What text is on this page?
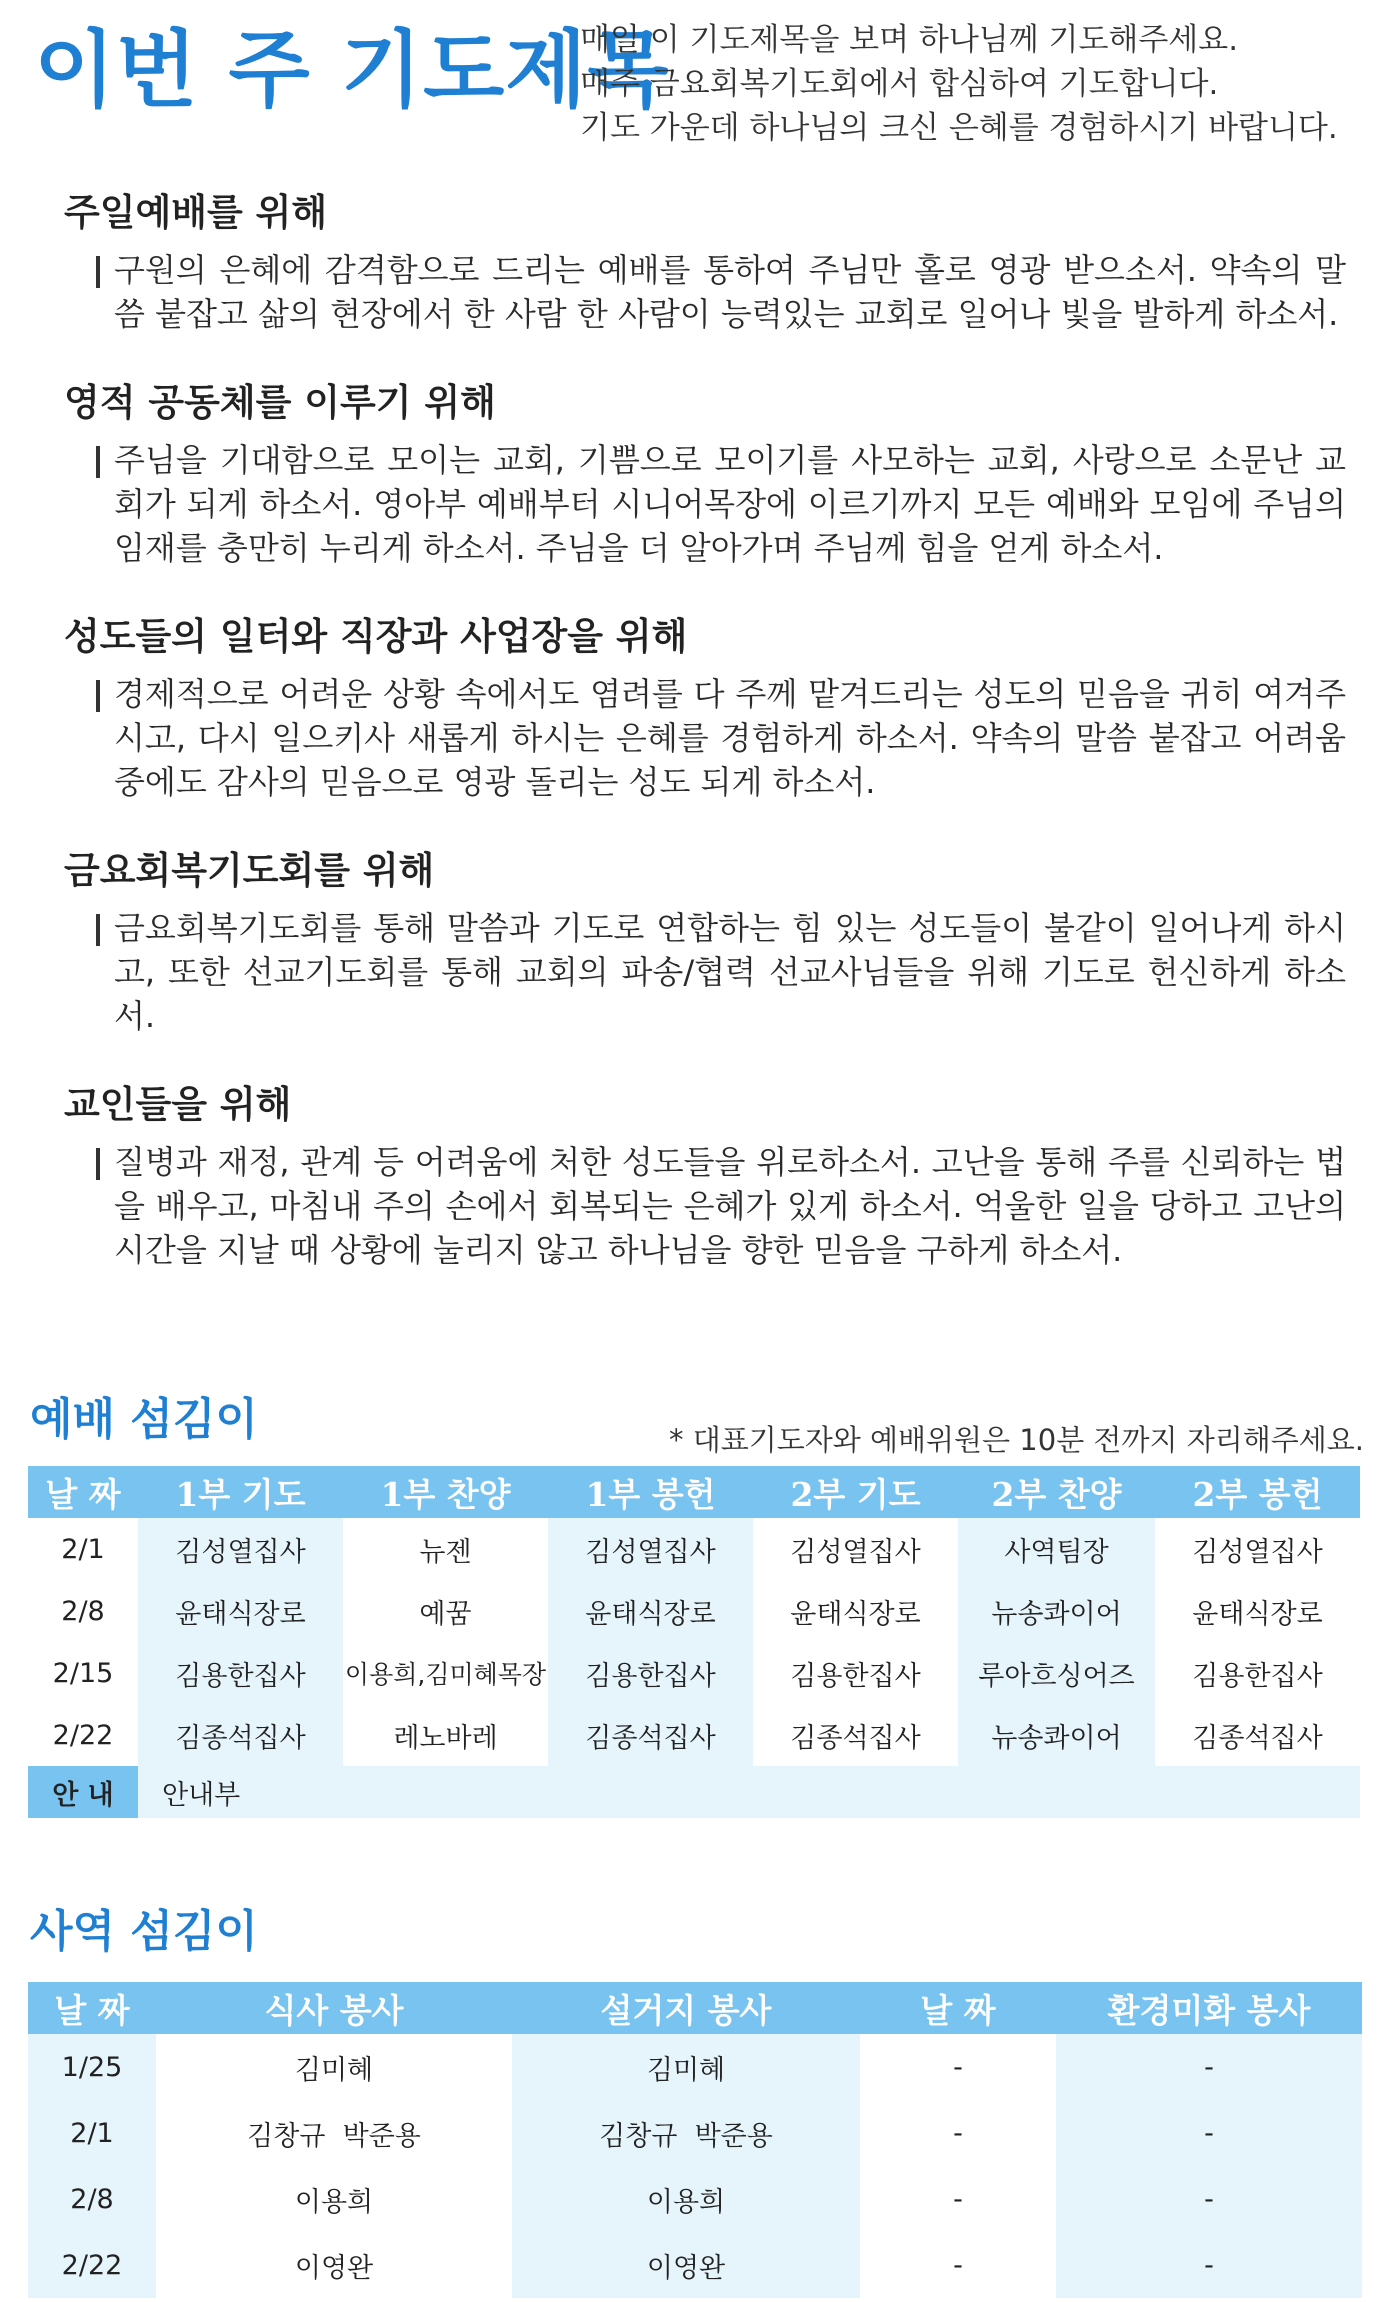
이번 주 기도제목
매일 이 기도제목을 보며 하나님께 기도해주세요.
매주 금요회복기도회에서 합심하여 기도합니다.
기도 가운데 하나님의 크신 은혜를 경험하시기 바랍니다.
주일예배를 위해

구원의 은혜에 감격함으로 드리는 예배를 통하여 주님만 홀로 영광 받으소서. 약속의 말씀 붙잡고 삶의 현장에서 한 사람 한 사람이 능력있는 교회로 일어나 빛을 발하게 하소서.

영적 공동체를 이루기 위해

주님을 기대함으로 모이는 교회, 기쁨으로 모이기를 사모하는 교회, 사랑으로 소문난 교회가 되게 하소서. 영아부 예배부터 시니어목장에 이르기까지 모든 예배와 모임에 주님의 임재를 충만히 누리게 하소서. 주님을 더 알아가며 주님께 힘을 얻게 하소서.

성도들의 일터와 직장과 사업장을 위해

경제적으로 어려운 상황 속에서도 염려를 다 주께 맡겨드리는 성도의 믿음을 귀히 여겨주시고, 다시 일으키사 새롭게 하시는 은혜를 경험하게 하소서. 약속의 말씀 붙잡고 어려움 중에도 감사의 믿음으로 영광 돌리는 성도 되게 하소서.

금요회복기도회를 위해

금요회복기도회를 통해 말씀과 기도로 연합하는 힘 있는 성도들이 불같이 일어나게 하시고, 또한 선교기도회를 통해 교회의 파송/협력 선교사님들을 위해 기도로 헌신하게 하소서.

교인들을 위해

질병과 재정, 관계 등 어려움에 처한 성도들을 위로하소서. 고난을 통해 주를 신뢰하는 법을 배우고, 마침내 주의 손에서 회복되는 은혜가 있게 하소서. 억울한 일을 당하고 고난의 시간을 지날 때 상황에 눌리지 않고 하나님을 향한 믿음을 구하게 하소서.

예배 섬김이	* 대표기도자와 예배위원은 10분 전까지 자리해주세요.
날 짜	1부 기도	1부 찬양	1부 봉헌	2부 기도	2부 찬양	2부 봉헌
2/1	김성열집사	뉴젠	김성열집사	김성열집사	사역팀장	김성열집사
2/8	윤태식장로	예꿈	윤태식장로	윤태식장로	뉴송콰이어	윤태식장로
2/15	김용한집사	이용희,김미혜목장	김용한집사	김용한집사	루아흐싱어즈	김용한집사
2/22	김종석집사	레노바레	김종석집사	김종석집사	뉴송콰이어	김종석집사
안 내	안내부					
사역 섬김이
날 짜	식사 봉사	설거지 봉사	날 짜	환경미화 봉사
1/25	김미혜	김미혜	-	-
2/1	김창규  박준용	김창규  박준용	-	-
2/8	이용희	이용희	-	-
2/22	이영완	이영완	-	-
